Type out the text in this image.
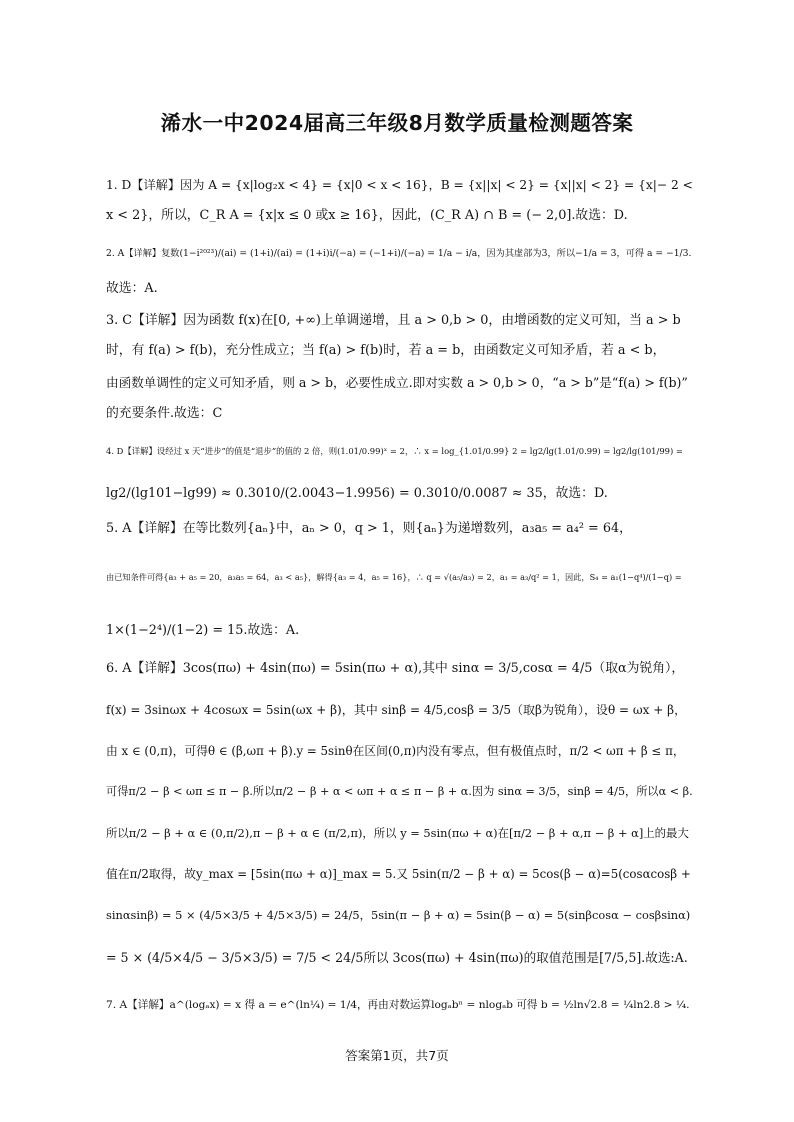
浠水一中2024届高三年级8月数学质量检测题答案
1. D【详解】因为 A = {x|log₂x < 4} = {x|0 < x < 16}，B = {x||x| < 2} = {x||x| < 2} = {x|− 2 <
x < 2}，所以，C_R A = {x|x ≤ 0 或x ≥ 16}，因此，(C_R A) ∩ B = (− 2,0].故选：D.
2. A【详解】复数(1−i²⁰²³)/(ai) = (1+i)/(ai) = (1+i)i/(−a) = (−1+i)/(−a) = 1/a − i/a，因为其虚部为3，所以−1/a = 3，可得 a = −1/3.
故选：A.
3. C【详解】因为函数 f(x)在[0, +∞)上单调递增，且 a > 0,b > 0，由增函数的定义可知，当 a > b
时，有 f(a) > f(b)，充分性成立；当 f(a) > f(b)时，若 a = b，由函数定义可知矛盾，若 a < b，
由函数单调性的定义可知矛盾，则 a > b，必要性成立.即对实数 a > 0,b > 0，“a > b”是“f(a) > f(b)”
的充要条件.故选：C
4. D【详解】设经过 x 天“进步”的值是“退步”的值的 2 倍，则(1.01/0.99)ˣ = 2，∴ x = log_{1.01/0.99} 2 = lg2/lg(1.01/0.99) = lg2/lg(101/99) =
lg2/(lg101−lg99) ≈ 0.3010/(2.0043−1.9956) = 0.3010/0.0087 ≈ 35，故选：D.
5. A【详解】在等比数列{aₙ}中，aₙ > 0，q > 1，则{aₙ}为递增数列，a₃a₅ = a₄² = 64，
由已知条件可得{a₃ + a₅ = 20，a₃a₅ = 64，a₃ < a₅}，解得{a₃ = 4，a₅ = 16}，∴ q = √(a₅/a₃) = 2，a₁ = a₃/q² = 1，因此，S₄ = a₁(1−q⁴)/(1−q) =
1×(1−2⁴)/(1−2) = 15.故选：A.
6. A【详解】3cos(πω) + 4sin(πω) = 5sin(πω + α),其中 sinα = 3/5,cosα = 4/5（取α为锐角），
f(x) = 3sinωx + 4cosωx = 5sin(ωx + β)，其中 sinβ = 4/5,cosβ = 3/5（取β为锐角），设θ = ωx + β，
由 x ∈ (0,π)，可得θ ∈ (β,ωπ + β).y = 5sinθ在区间(0,π)内没有零点，但有极值点时，π/2 < ωπ + β ≤ π，
可得π/2 − β < ωπ ≤ π − β.所以π/2 − β + α < ωπ + α ≤ π − β + α.因为 sinα = 3/5，sinβ = 4/5，所以α < β.
所以π/2 − β + α ∈ (0,π/2),π − β + α ∈ (π/2,π)，所以 y = 5sin(πω + α)在[π/2 − β + α,π − β + α]上的最大
值在π/2取得，故y_max = [5sin(πω + α)]_max = 5.又 5sin(π/2 − β + α) = 5cos(β − α)=5(cosαcosβ +
sinαsinβ) = 5 × (4/5×3/5 + 4/5×3/5) = 24/5，5sin(π − β + α) = 5sin(β − α) = 5(sinβcosα − cosβsinα)
= 5 × (4/5×4/5 − 3/5×3/5) = 7/5 < 24/5所以 3cos(πω) + 4sin(πω)的取值范围是[7/5,5].故选:A.
7. A【详解】a^(logₐx) = x 得 a = e^(ln¼) = 1/4，再由对数运算logₐbⁿ = nlogₐb 可得 b = ½ln√2.8 = ¼ln2.8 > ¼.
答案第1页，共7页
